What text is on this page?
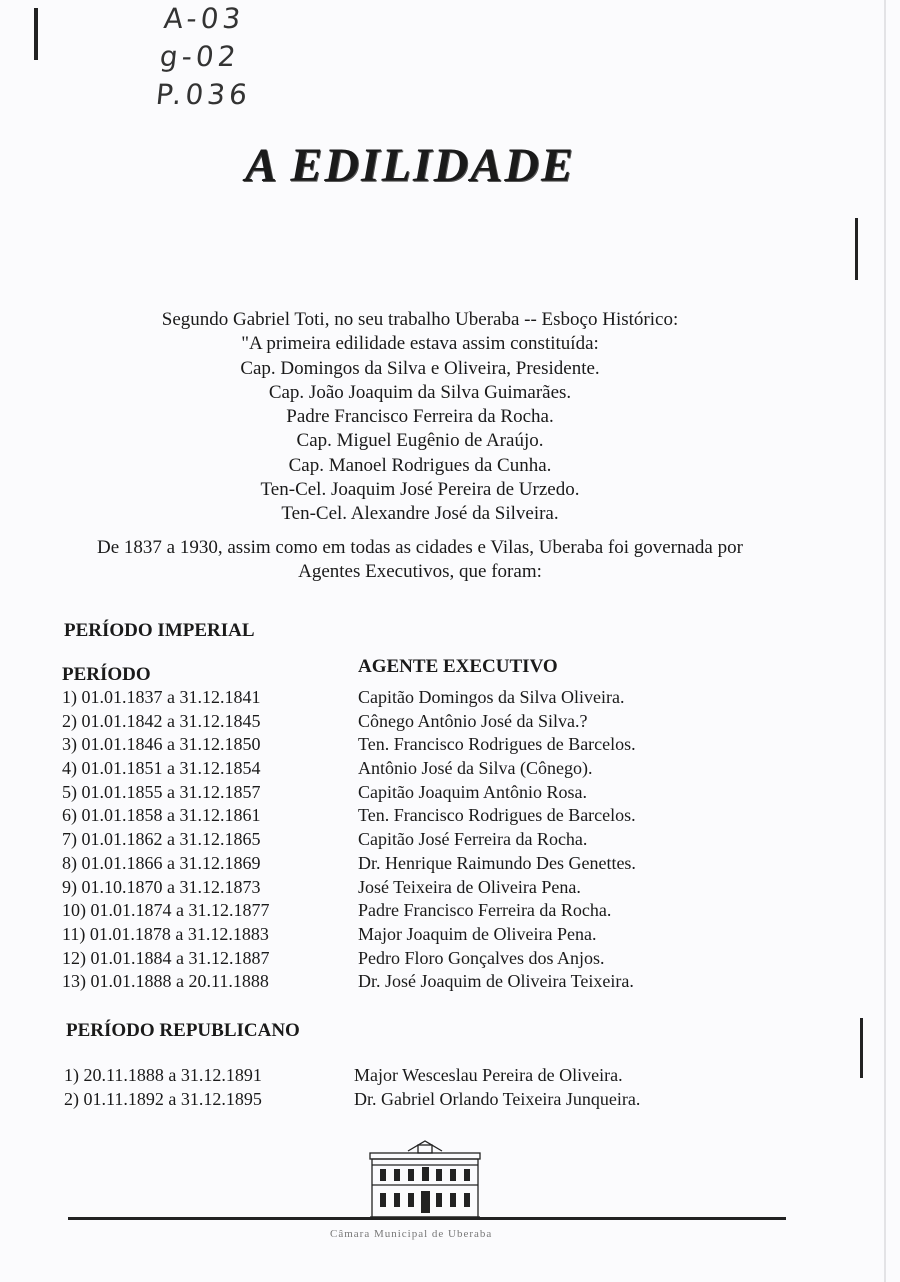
A-03
g-02
P.036
A EDILIDADE
Segundo Gabriel Toti, no seu trabalho Uberaba -- Esboço Histórico:
"A primeira edilidade estava assim constituída:
Cap. Domingos da Silva e Oliveira, Presidente.
Cap. João Joaquim da Silva Guimarães.
Padre Francisco Ferreira da Rocha.
Cap. Miguel Eugênio de Araújo.
Cap. Manoel Rodrigues da Cunha.
Ten-Cel. Joaquim José Pereira de Urzedo.
Ten-Cel. Alexandre José da Silveira.
De 1837 a 1930, assim como em todas as cidades e Vilas, Uberaba foi governada por
Agentes Executivos, que foram:
PERÍODO IMPERIAL
PERÍODO	AGENTE EXECUTIVO
1) 01.01.1837 a 31.12.1841	Capitão Domingos da Silva Oliveira.
2) 01.01.1842 a 31.12.1845	Cônego Antônio José da Silva.?
3) 01.01.1846 a 31.12.1850	Ten. Francisco Rodrigues de Barcelos.
4) 01.01.1851 a 31.12.1854	Antônio José da Silva (Cônego).
5) 01.01.1855 a 31.12.1857	Capitão Joaquim Antônio Rosa.
6) 01.01.1858 a 31.12.1861	Ten. Francisco Rodrigues de Barcelos.
7) 01.01.1862 a 31.12.1865	Capitão José Ferreira da Rocha.
8) 01.01.1866 a 31.12.1869	Dr. Henrique Raimundo Des Genettes.
9) 01.10.1870 a 31.12.1873	José Teixeira de Oliveira Pena.
10) 01.01.1874 a 31.12.1877	Padre Francisco Ferreira da Rocha.
11) 01.01.1878 a 31.12.1883	Major Joaquim de Oliveira Pena.
12) 01.01.1884 a 31.12.1887	Pedro Floro Gonçalves dos Anjos.
13) 01.01.1888 a 20.11.1888	Dr. José Joaquim de Oliveira Teixeira.
PERÍODO REPUBLICANO
1) 20.11.1888 a 31.12.1891	Major Wesceslau Pereira de Oliveira.
2) 01.11.1892 a 31.12.1895	Dr. Gabriel Orlando Teixeira Junqueira.
Câmara Municipal de Uberaba
